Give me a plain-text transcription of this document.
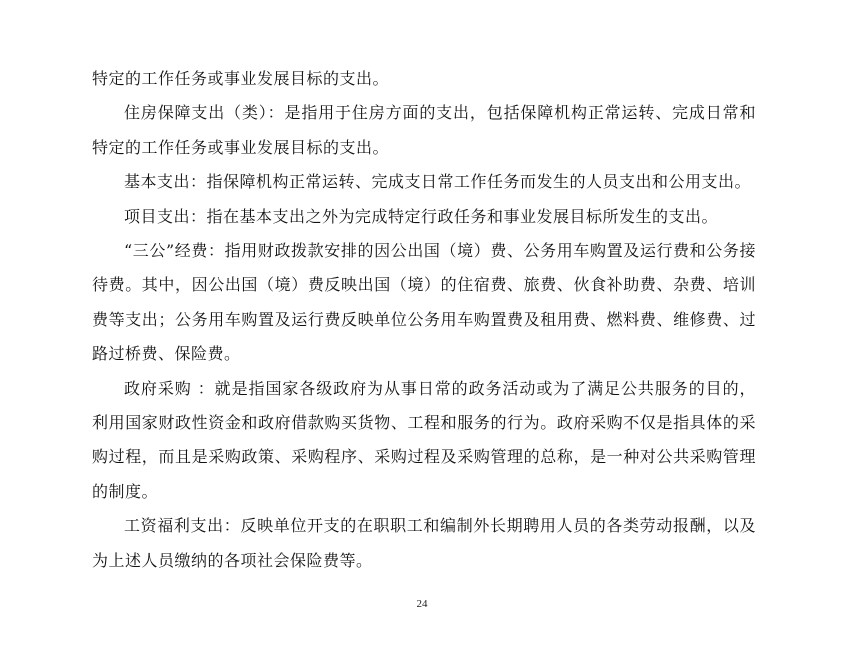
特定的工作任务或事业发展目标的支出。

住房保障支出（类）：是指用于住房方面的支出，包括保障机构正常运转、完成日常和特定的工作任务或事业发展目标的支出。

基本支出：指保障机构正常运转、完成支日常工作任务而发生的人员支出和公用支出。

项目支出：指在基本支出之外为完成特定行政任务和事业发展目标所发生的支出。

“三公”经费：指用财政拨款安排的因公出国（境）费、公务用车购置及运行费和公务接待费。其中，因公出国（境）费反映出国（境）的住宿费、旅费、伙食补助费、杂费、培训费等支出；公务用车购置及运行费反映单位公务用车购置费及租用费、燃料费、维修费、过路过桥费、保险费。

政府采购 ：就是指国家各级政府为从事日常的政务活动或为了满足公共服务的目的，利用国家财政性资金和政府借款购买货物、工程和服务的行为。政府采购不仅是指具体的采购过程，而且是采购政策、采购程序、采购过程及采购管理的总称，是一种对公共采购管理的制度。

工资福利支出：反映单位开支的在职职工和编制外长期聘用人员的各类劳动报酬，以及为上述人员缴纳的各项社会保险费等。

24
